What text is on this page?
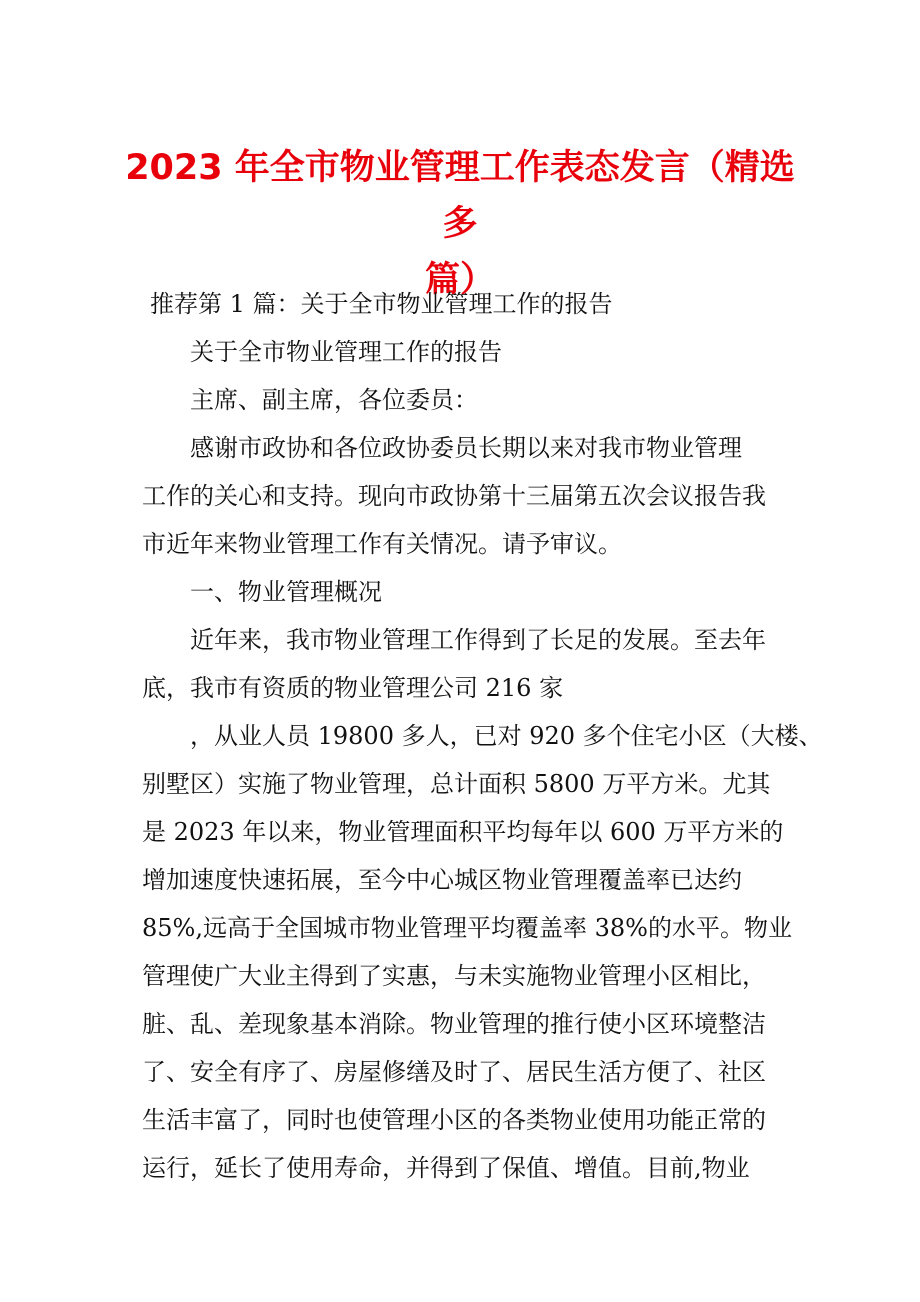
2023 年全市物业管理工作表态发言（精选多
篇）
推荐第 1 篇：关于全市物业管理工作的报告
关于全市物业管理工作的报告
主席、副主席，各位委员：
感谢市政协和各位政协委员长期以来对我市物业管理
工作的关心和支持。现向市政协第十三届第五次会议报告我
市近年来物业管理工作有关情况。请予审议。
一、物业管理概况
近年来，我市物业管理工作得到了长足的发展。至去年
底，我市有资质的物业管理公司 216 家
，从业人员 19800 多人，已对 920 多个住宅小区（大楼、
别墅区）实施了物业管理，总计面积 5800 万平方米。尤其
是 2023 年以来，物业管理面积平均每年以 600 万平方米的
增加速度快速拓展，至今中心城区物业管理覆盖率已达约
85%,远高于全国城市物业管理平均覆盖率 38%的水平。物业
管理使广大业主得到了实惠，与未实施物业管理小区相比，
脏、乱、差现象基本消除。物业管理的推行使小区环境整洁
了、安全有序了、房屋修缮及时了、居民生活方便了、社区
生活丰富了，同时也使管理小区的各类物业使用功能正常的
运行，延长了使用寿命，并得到了保值、增值。目前,物业
